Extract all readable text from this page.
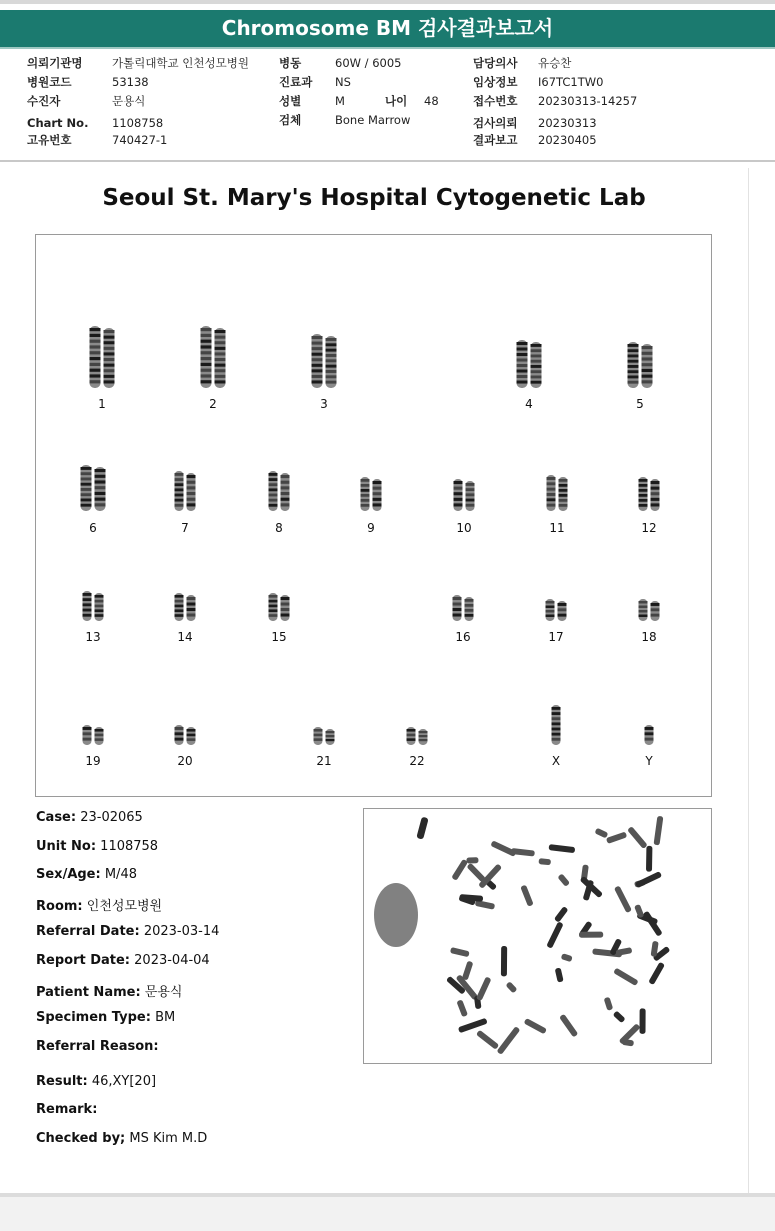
Chromosome BM 검사결과보고서
의뢰기관명	가톨릭대학교 인천성모병원
병원코드	53138
수진자	문용식
Chart No. 1108758
고유번호	740427-1
병동	60W / 6005
진료과 NS
성별	M	나이 48
검체	Bone Marrow
담당의사 유승찬
임상정보 I67TC1TW0
접수번호 20230313-14257
검사의뢰 20230313
결과보고 20230405
Seoul St. Mary's Hospital Cytogenetic Lab
1	2	3	4	5
6	7	8	9	10	11	12
13	14	15	16	17	18
19	20	21	22	X	Y
Case: 23-02065
Unit No: 1108758
Sex/Age: M/48
Room: 인천성모병원
Referral Date: 2023-03-14
Report Date: 2023-04-04
Patient Name: 문용식
Specimen Type: BM
Referral Reason:
Result: 46,XY[20]
Remark:
Checked by; MS Kim M.D
